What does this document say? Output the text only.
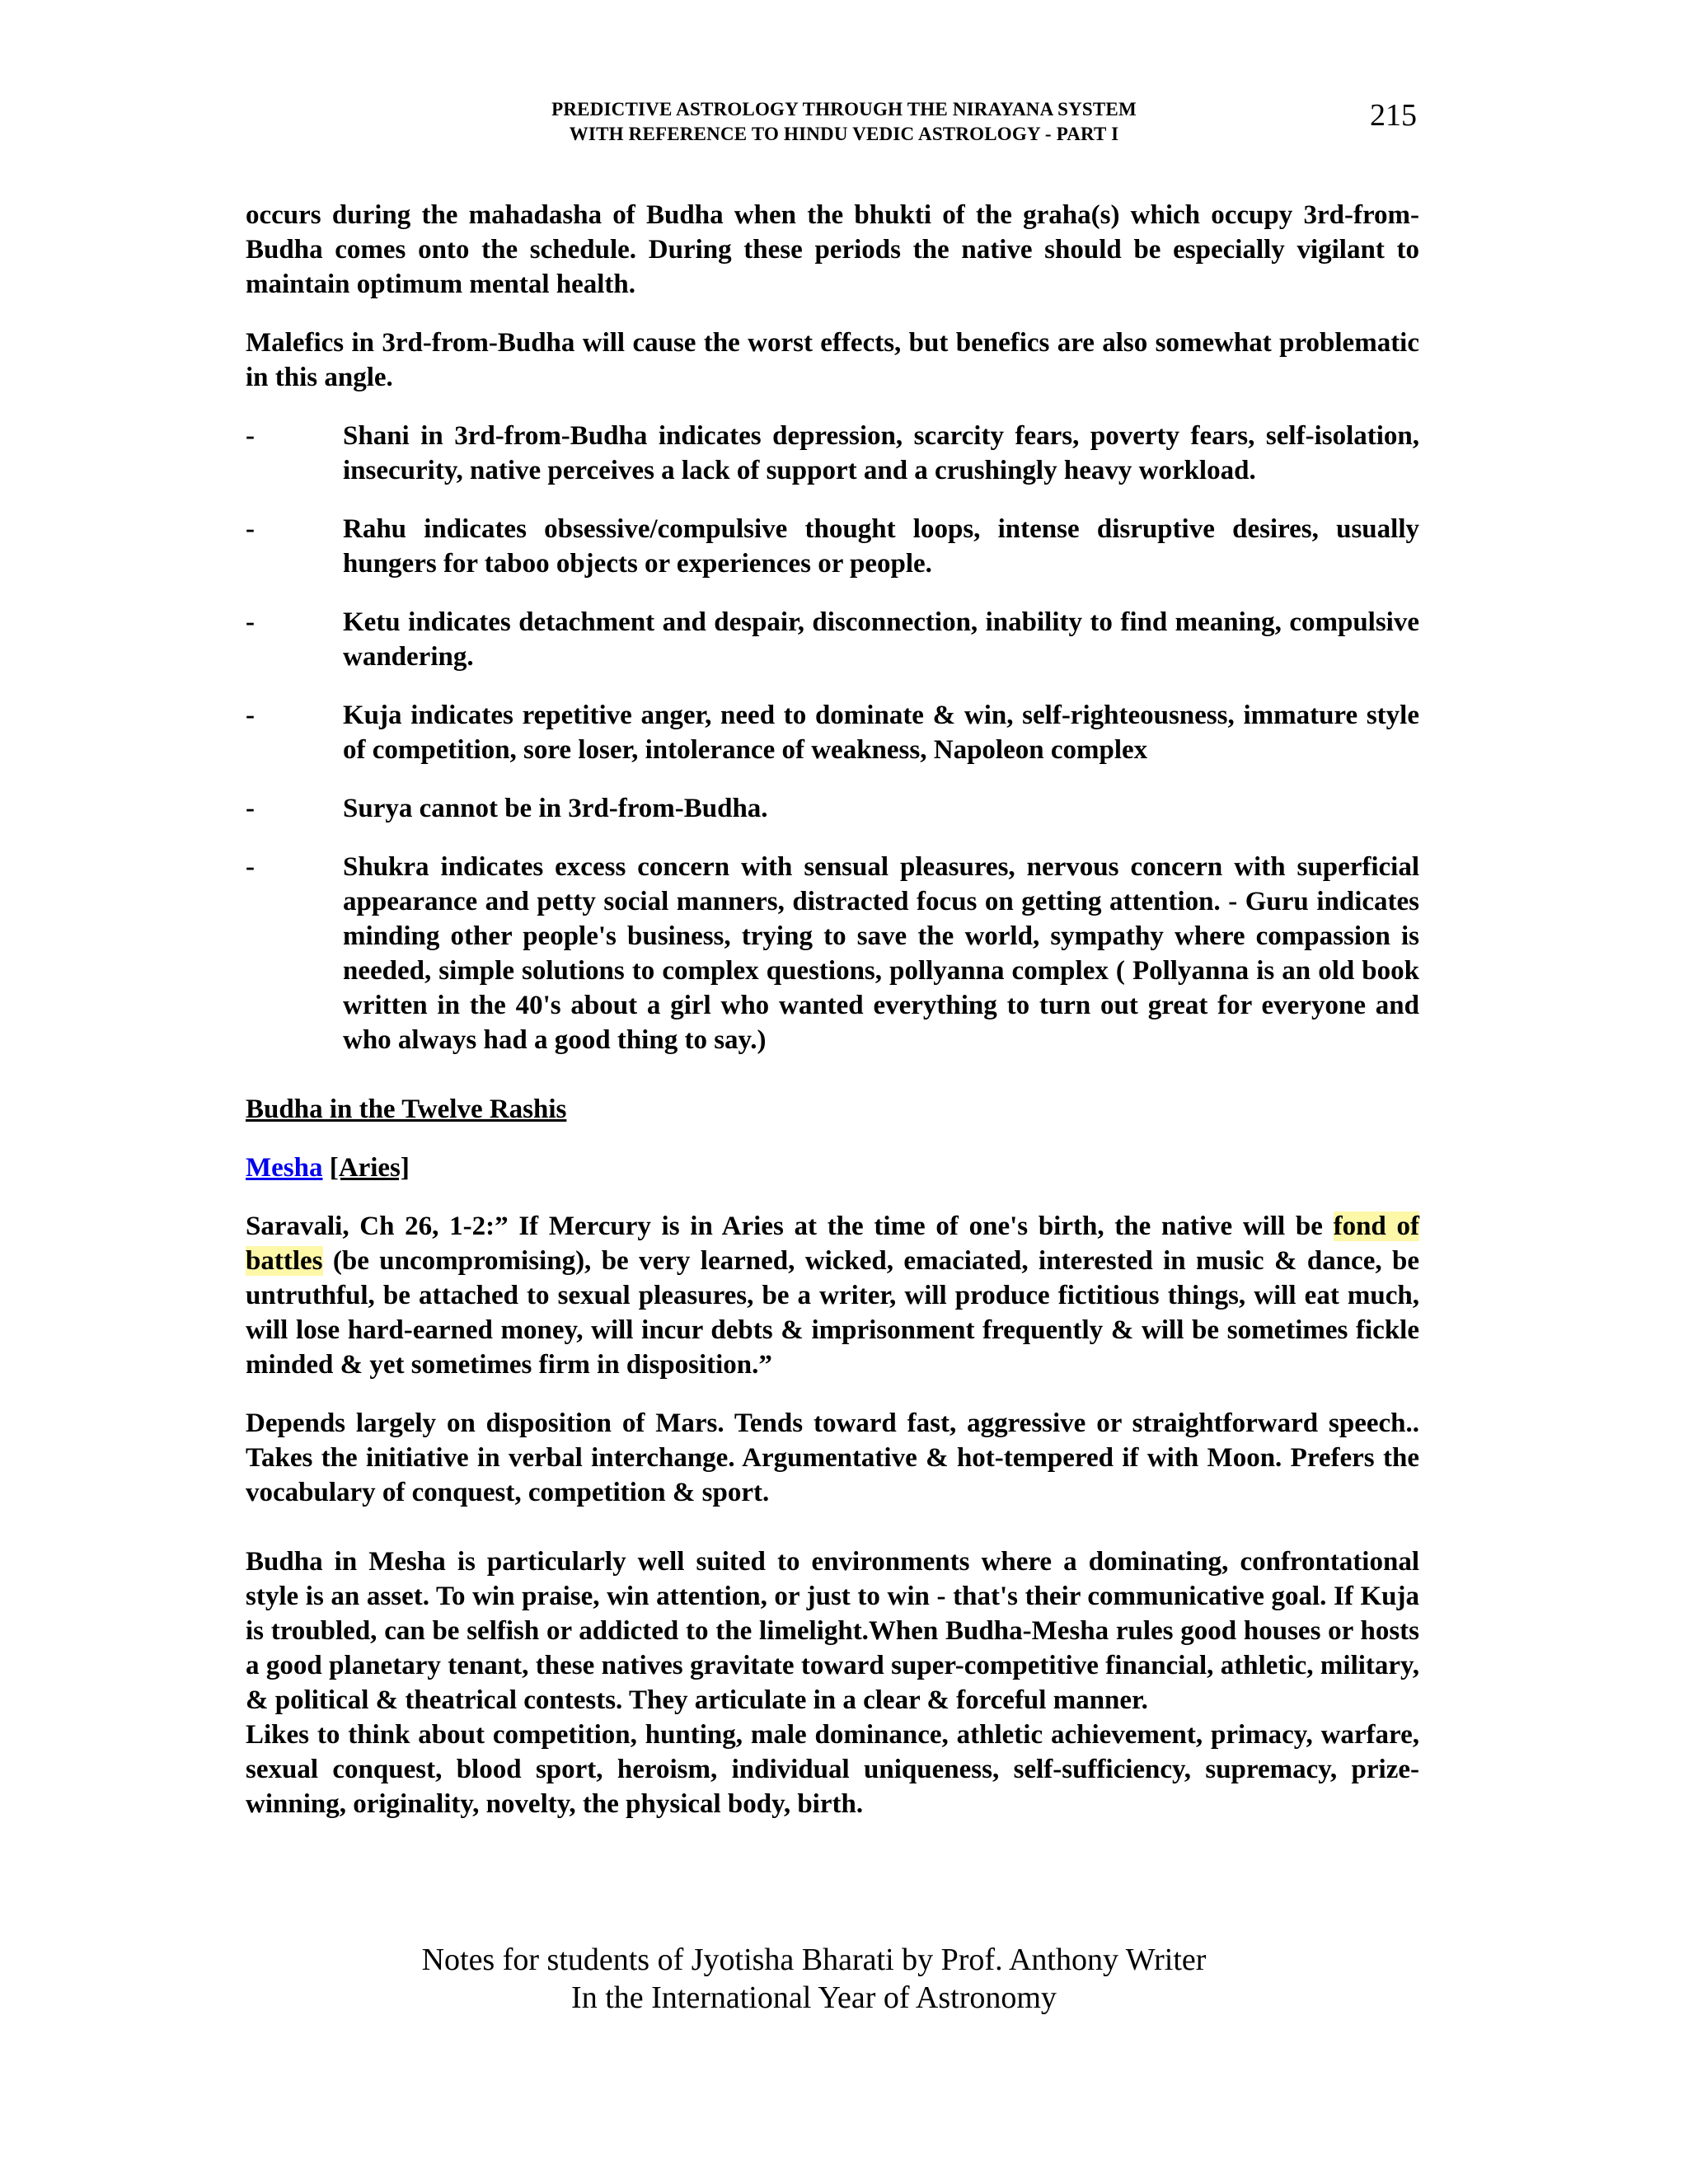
PREDICTIVE ASTROLOGY THROUGH THE NIRAYANA SYSTEM
WITH REFERENCE TO HINDU VEDIC ASTROLOGY - PART I
215

occurs during the mahadasha of Budha when the bhukti of the graha(s) which occupy 3rd-from-Budha comes onto the schedule. During these periods the native should be especially vigilant to maintain optimum mental health.

Malefics in 3rd-from-Budha will cause the worst effects, but benefics are also somewhat problematic in this angle.

-	Shani in 3rd-from-Budha indicates depression, scarcity fears, poverty fears, self-isolation, insecurity, native perceives a lack of support and a crushingly heavy workload.
-	Rahu indicates obsessive/compulsive thought loops, intense disruptive desires, usually hungers for taboo objects or experiences or people.
-	Ketu indicates detachment and despair, disconnection, inability to find meaning, compulsive wandering.
-	Kuja indicates repetitive anger, need to dominate & win, self-righteousness, immature style of competition, sore loser, intolerance of weakness, Napoleon complex
-	Surya cannot be in 3rd-from-Budha.
-	Shukra indicates excess concern with sensual pleasures, nervous concern with superficial appearance and petty social manners, distracted focus on getting attention. - Guru indicates minding other people's business, trying to save the world, sympathy where compassion is needed, simple solutions to complex questions, pollyanna complex ( Pollyanna is an old book written in the 40's about a girl who wanted everything to turn out great for everyone and who always had a good thing to say.)

Budha in the Twelve Rashis

Mesha [Aries]

Saravali, Ch 26, 1-2:” If Mercury is in Aries at the time of one's birth, the native will be fond of battles (be uncompromising), be very learned, wicked, emaciated, interested in music & dance, be untruthful, be attached to sexual pleasures, be a writer, will produce fictitious things, will eat much, will lose hard-earned money, will incur debts & imprisonment frequently & will be sometimes fickle minded & yet sometimes firm in disposition.”

Depends largely on disposition of Mars. Tends toward fast, aggressive or straightforward speech.. Takes the initiative in verbal interchange. Argumentative & hot-tempered if with Moon. Prefers the vocabulary of conquest, competition & sport.

Budha in Mesha is particularly well suited to environments where a dominating, confrontational style is an asset. To win praise, win attention, or just to win - that's their communicative goal. If Kuja is troubled, can be selfish or addicted to the limelight.When Budha-Mesha rules good houses or hosts a good planetary tenant, these natives gravitate toward super-competitive financial, athletic, military, & political & theatrical contests. They articulate in a clear & forceful manner.

Likes to think about competition, hunting, male dominance, athletic achievement, primacy, warfare, sexual conquest, blood sport, heroism, individual uniqueness, self-sufficiency, supremacy, prize-winning, originality, novelty, the physical body, birth.

Notes for students of Jyotisha Bharati by Prof. Anthony Writer
In the International Year of Astronomy
